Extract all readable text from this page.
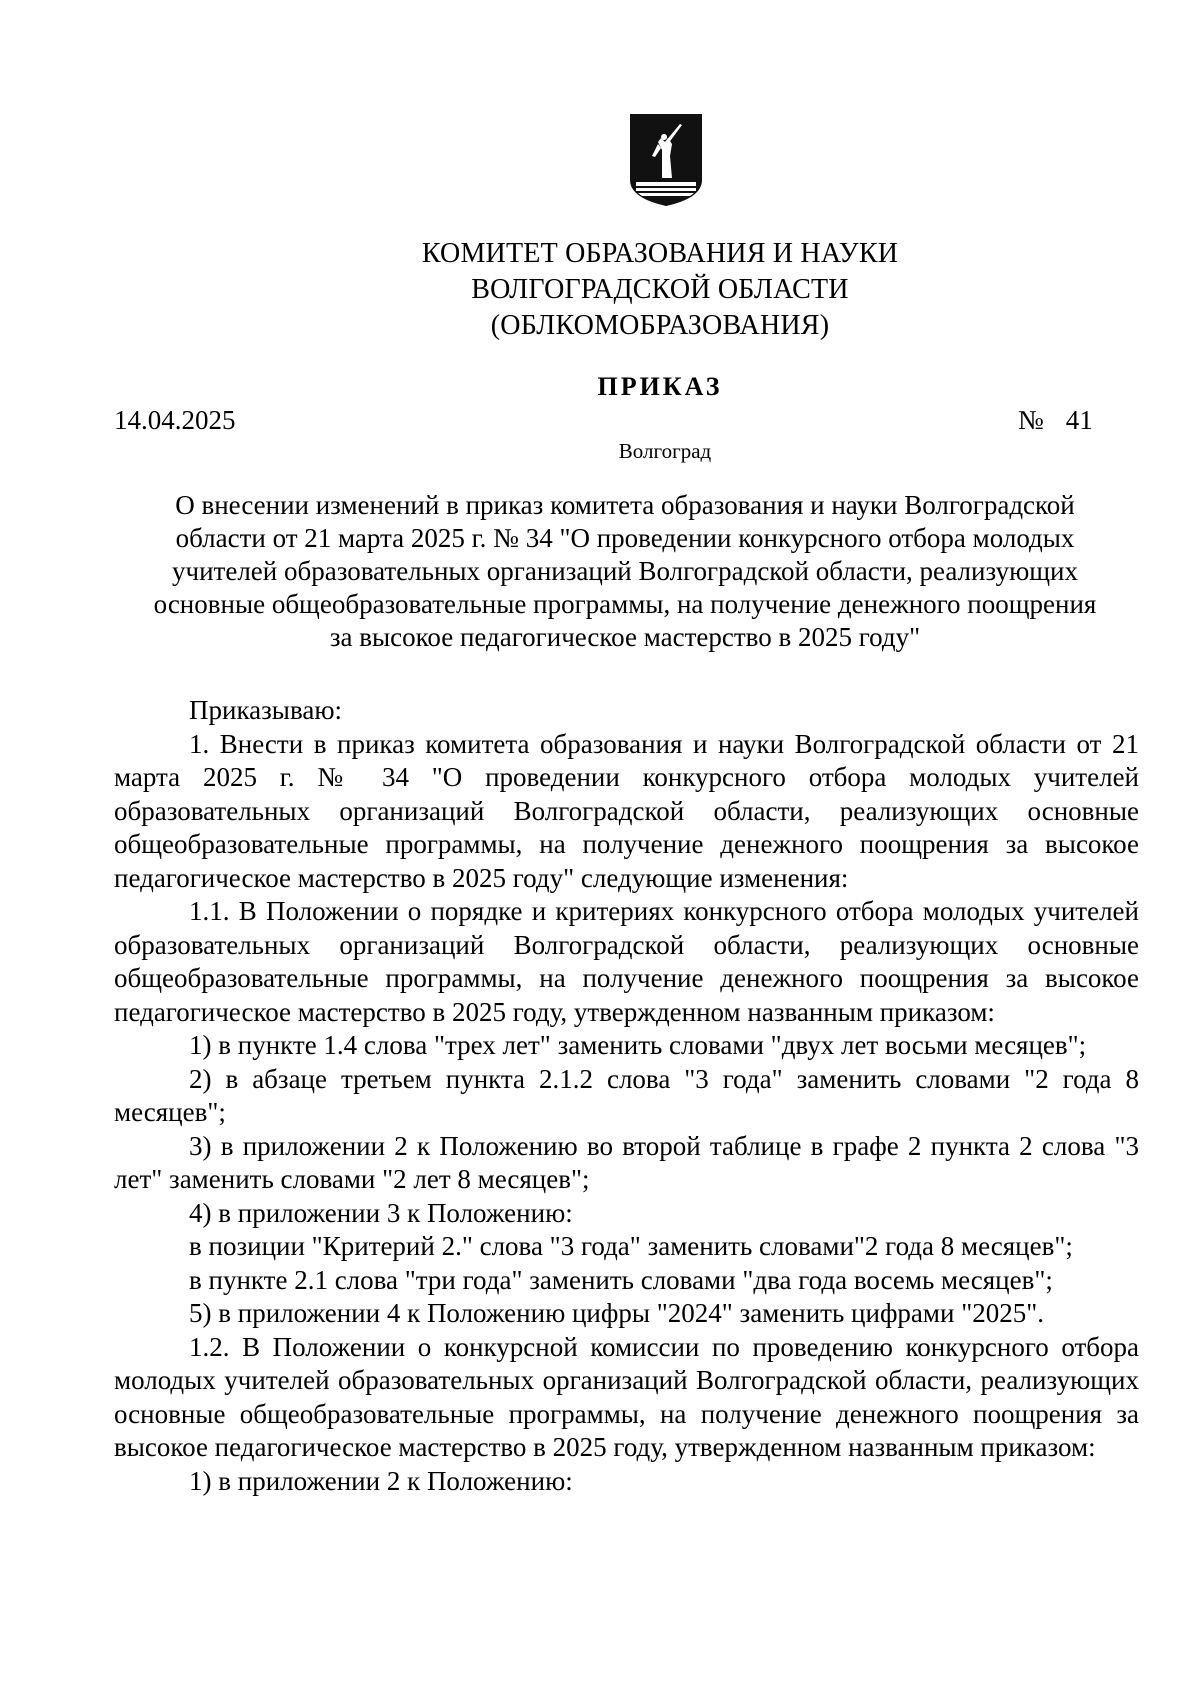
КОМИТЕТ ОБРАЗОВАНИЯ И НАУКИ
ВОЛГОГРАДСКОЙ ОБЛАСТИ
(ОБЛКОМОБРАЗОВАНИЯ)
ПРИКАЗ
14.04.2025	№ 41
Волгоград
О внесении изменений в приказ комитета образования и науки Волгоградской
области от 21 марта 2025 г. № 34 "О проведении конкурсного отбора молодых
учителей образовательных организаций Волгоградской области, реализующих
основные общеобразовательные программы, на получение денежного поощрения
за высокое педагогическое мастерство в 2025 году"

Приказываю:

1. Внести в приказ комитета образования и науки Волгоградской области от 21 марта 2025 г. № 34 "О проведении конкурсного отбора молодых учителей образовательных организаций Волгоградской области, реализующих основные общеобразовательные программы, на получение денежного поощрения за высокое педагогическое мастерство в 2025 году" следующие изменения:

1.1. В Положении о порядке и критериях конкурсного отбора молодых учителей образовательных организаций Волгоградской области, реализующих основные общеобразовательные программы, на получение денежного поощрения за высокое педагогическое мастерство в 2025 году, утвержденном названным приказом:

1) в пункте 1.4 слова "трех лет" заменить словами "двух лет восьми месяцев";

2) в абзаце третьем пункта 2.1.2 слова "3 года" заменить словами "2 года 8 месяцев";

3) в приложении 2 к Положению во второй таблице в графе 2 пункта 2 слова "3 лет" заменить словами "2 лет 8 месяцев";

4) в приложении 3 к Положению:

в позиции "Критерий 2." слова "3 года" заменить словами"2 года 8 месяцев";

в пункте 2.1 слова "три года" заменить словами "два года восемь месяцев";

5) в приложении 4 к Положению цифры "2024" заменить цифрами "2025".

1.2. В Положении о конкурсной комиссии по проведению конкурсного отбора молодых учителей образовательных организаций Волгоградской области, реализующих основные общеобразовательные программы, на получение денежного поощрения за высокое педагогическое мастерство в 2025 году, утвержденном названным приказом:

1) в приложении 2 к Положению:
